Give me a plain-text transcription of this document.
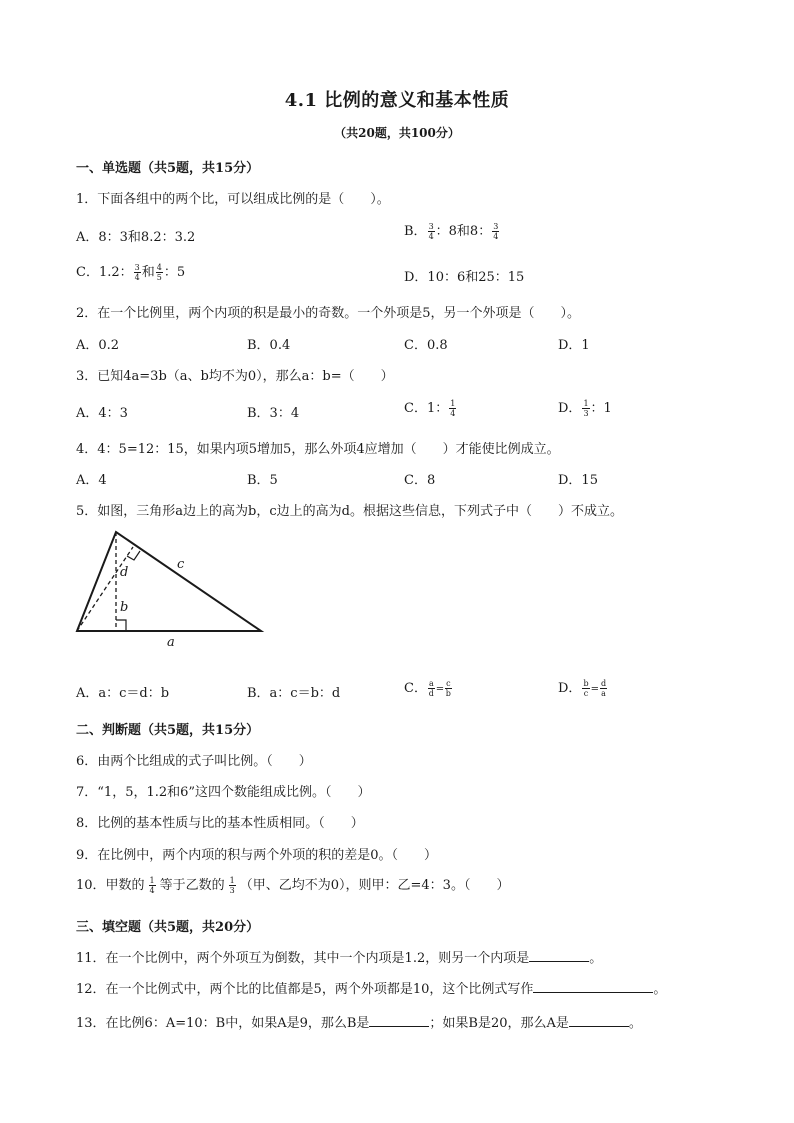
4.1 比例的意义和基本性质
（共20题，共100分）
一、单选题（共5题，共15分）
1．下面各组中的两个比，可以组成比例的是（　　）。
A．8：3和8.2：3.2	B． $\frac{3}{4}$ ：8和8： $\frac{3}{4}$
C．1.2： $\frac{3}{4}$ 和 $\frac{4}{5}$ ：5	D．10：6和25：15
2．在一个比例里，两个内项的积是最小的奇数。一个外项是5，另一个外项是（　　）。
A．0.2	B．0.4	C．0.8	D．1
3．已知4a=3b（a、b均不为0），那么a：b=（　　）
A．4：3	B．3：4	C．1： $\frac{1}{4}$	D． $\frac{1}{3}$ ：1
4．4：5=12：15，如果内项5增加5，那么外项4应增加（　　）才能使比例成立。
A．4	B．5	C．8	D．15
5．如图，三角形a边上的高为b，c边上的高为d。根据这些信息，下列式子中（　　）不成立。
d
c
b
a
A．a：c＝d：b	B．a：c＝b：d	C． $\frac{a}{d} = \frac{c}{b}$	D． $\frac{b}{c} = \frac{d}{a}$
二、判断题（共5题，共15分）
6．由两个比组成的式子叫比例。（　　）
7．“1，5，1.2和6”这四个数能组成比例。（　　）
8．比例的基本性质与比的基本性质相同。（　　）
9．在比例中，两个内项的积与两个外项的积的差是0。（　　）
10．甲数的 $\frac{1}{4}$ 等于乙数的 $\frac{1}{3}$ （甲、乙均不为0），则甲：乙=4：3。（　　）
三、填空题（共5题，共20分）
11．在一个比例中，两个外项互为倒数，其中一个内项是1.2，则另一个内项是	。
12．在一个比例式中，两个比的比值都是5，两个外项都是10，这个比例式写作	。
13．在比例6：A=10：B中，如果A是9，那么B是	；如果B是20，那么A是	。
